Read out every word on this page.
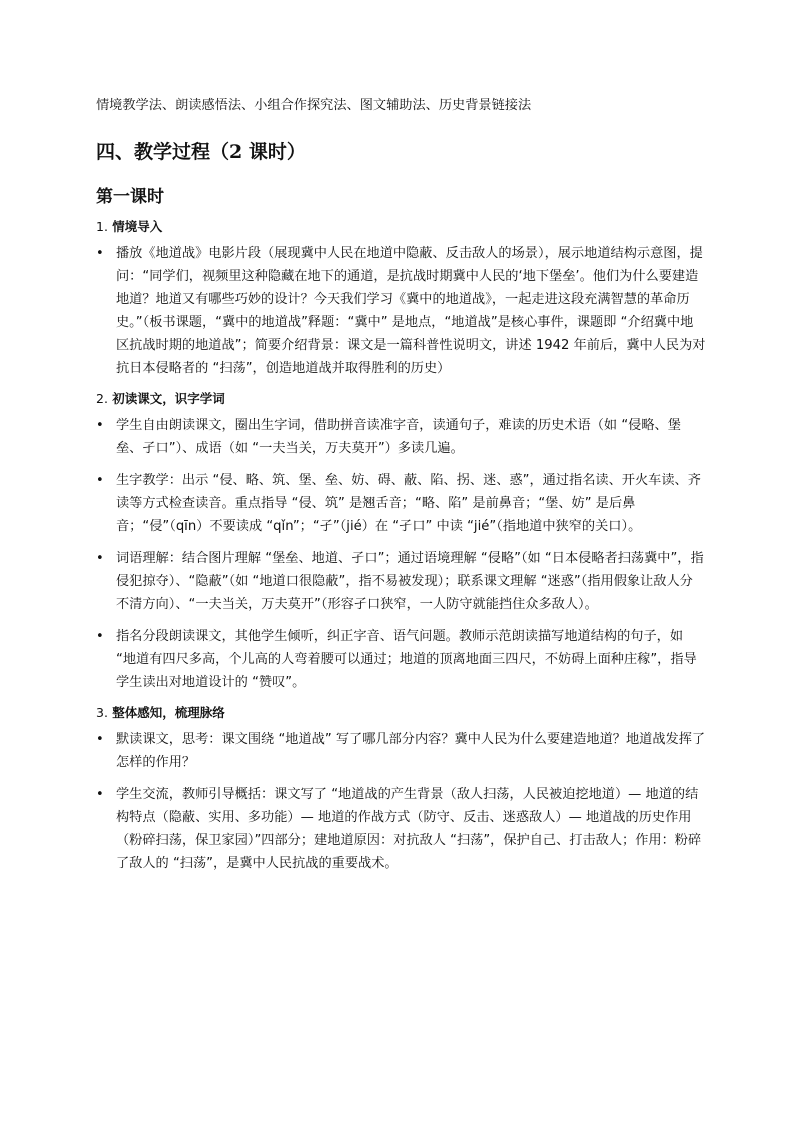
情境教学法、朗读感悟法、小组合作探究法、图文辅助法、历史背景链接法

四、教学过程（2 课时）
第一课时

1. 情境导入

• 播放《地道战》电影片段（展现冀中人民在地道中隐蔽、反击敌人的场景），展示地道结构示意图，提问：“同学们，视频里这种隐藏在地下的通道，是抗战时期冀中人民的‘地下堡垒’。他们为什么要建造地道？地道又有哪些巧妙的设计？今天我们学习《冀中的地道战》，一起走进这段充满智慧的革命历史。”（板书课题，“冀中的地道战”释题：“冀中” 是地点，“地道战”是核心事件，课题即 “介绍冀中地区抗战时期的地道战”；简要介绍背景：课文是一篇科普性说明文，讲述 1942 年前后，冀中人民为对抗日本侵略者的 “扫荡”，创造地道战并取得胜利的历史）

2. 初读课文，识字学词

• 学生自由朗读课文，圈出生字词，借助拼音读准字音，读通句子，难读的历史术语（如 “侵略、堡垒、孑口”）、成语（如 “一夫当关，万夫莫开”）多读几遍。
• 生字教学：出示 “侵、略、筑、堡、垒、妨、碍、蔽、陷、拐、迷、惑”，通过指名读、开火车读、齐读等方式检查读音。重点指导 “侵、筑” 是翘舌音；“略、陷” 是前鼻音；“堡、妨” 是后鼻音；“侵”（qīn）不要读成 “qǐn”；“孑”（jié）在 “孑口” 中读 “jié”（指地道中狭窄的关口）。
• 词语理解：结合图片理解 “堡垒、地道、孑口”；通过语境理解 “侵略”（如 “日本侵略者扫荡冀中”，指侵犯掠夺）、“隐蔽”（如 “地道口很隐蔽”，指不易被发现）；联系课文理解 “迷惑”（指用假象让敌人分不清方向）、“一夫当关，万夫莫开”（形容孑口狭窄，一人防守就能挡住众多敌人）。
• 指名分段朗读课文，其他学生倾听，纠正字音、语气问题。教师示范朗读描写地道结构的句子，如 “地道有四尺多高，个儿高的人弯着腰可以通过；地道的顶离地面三四尺，不妨碍上面种庄稼”，指导学生读出对地道设计的 “赞叹”。

3. 整体感知，梳理脉络

• 默读课文，思考：课文围绕 “地道战” 写了哪几部分内容？冀中人民为什么要建造地道？地道战发挥了怎样的作用？
• 学生交流，教师引导概括：课文写了 “地道战的产生背景（敌人扫荡，人民被迫挖地道）— 地道的结构特点（隐蔽、实用、多功能）— 地道的作战方式（防守、反击、迷惑敌人）— 地道战的历史作用（粉碎扫荡，保卫家园）”四部分；建地道原因：对抗敌人 “扫荡”，保护自己、打击敌人；作用：粉碎了敌人的 “扫荡”，是冀中人民抗战的重要战术。
